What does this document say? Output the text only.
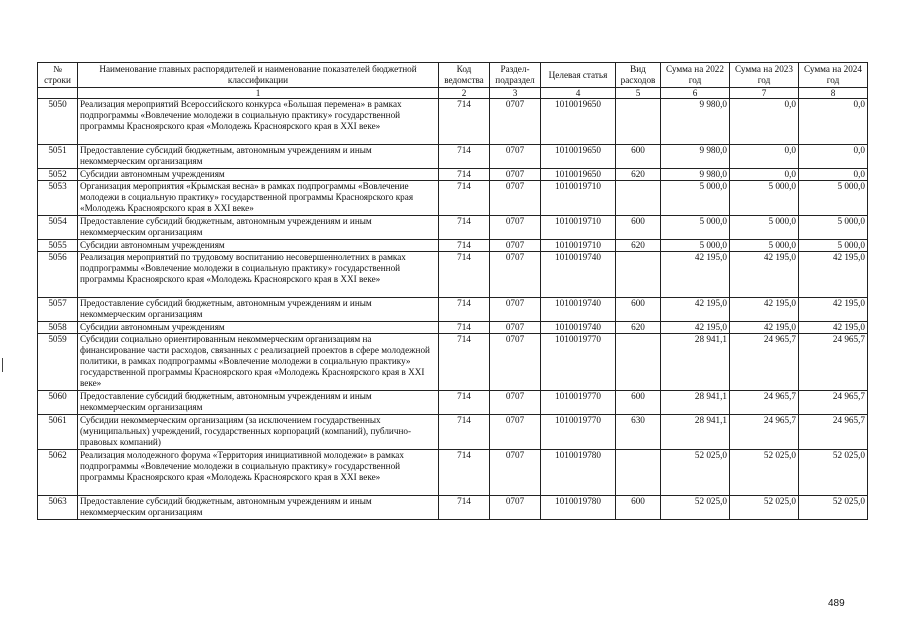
№ строки	Наименование главных распорядителей и наименование показателей бюджетной классификации	Код ведомства	Раздел-подраздел	Целевая статья	Вид расходов	Сумма на 2022 год	Сумма на 2023 год	Сумма на 2024 год
	1	2	3	4	5	6	7	8
5050	Реализация мероприятий Всероссийского конкурса «Большая перемена» в рамках подпрограммы «Вовлечение молодежи в социальную практику» государственной программы Красноярского края «Молодежь Красноярского края в XXI веке»	714	0707	1010019650		9 980,0	0,0	0,0
5051	Предоставление субсидий бюджетным, автономным учреждениям и иным некоммерческим организациям	714	0707	1010019650	600	9 980,0	0,0	0,0
5052	Субсидии автономным учреждениям	714	0707	1010019650	620	9 980,0	0,0	0,0
5053	Организация мероприятия «Крымская весна» в рамках подпрограммы «Вовлечение молодежи в социальную практику» государственной программы Красноярского края «Молодежь Красноярского края в XXI веке»	714	0707	1010019710		5 000,0	5 000,0	5 000,0
5054	Предоставление субсидий бюджетным, автономным учреждениям и иным некоммерческим организациям	714	0707	1010019710	600	5 000,0	5 000,0	5 000,0
5055	Субсидии автономным учреждениям	714	0707	1010019710	620	5 000,0	5 000,0	5 000,0
5056	Реализация мероприятий по трудовому воспитанию несовершеннолетних в рамках подпрограммы «Вовлечение молодежи в социальную практику» государственной программы Красноярского края «Молодежь Красноярского края в XXI веке»	714	0707	1010019740		42 195,0	42 195,0	42 195,0
5057	Предоставление субсидий бюджетным, автономным учреждениям и иным некоммерческим организациям	714	0707	1010019740	600	42 195,0	42 195,0	42 195,0
5058	Субсидии автономным учреждениям	714	0707	1010019740	620	42 195,0	42 195,0	42 195,0
5059	Субсидии социально ориентированным некоммерческим организациям на финансирование части расходов, связанных с реализацией проектов в сфере молодежной политики, в рамках подпрограммы «Вовлечение молодежи в социальную практику» государственной программы Красноярского края «Молодежь Красноярского края в XXI веке»	714	0707	1010019770		28 941,1	24 965,7	24 965,7
5060	Предоставление субсидий бюджетным, автономным учреждениям и иным некоммерческим организациям	714	0707	1010019770	600	28 941,1	24 965,7	24 965,7
5061	Субсидии некоммерческим организациям (за исключением государственных (муниципальных) учреждений, государственных корпораций (компаний), публично-правовых компаний)	714	0707	1010019770	630	28 941,1	24 965,7	24 965,7
5062	Реализация молодежного форума «Территория инициативной молодежи» в рамках подпрограммы «Вовлечение молодежи в социальную практику» государственной программы Красноярского края «Молодежь Красноярского края в XXI веке»	714	0707	1010019780		52 025,0	52 025,0	52 025,0
5063	Предоставление субсидий бюджетным, автономным учреждениям и иным некоммерческим организациям	714	0707	1010019780	600	52 025,0	52 025,0	52 025,0
489
